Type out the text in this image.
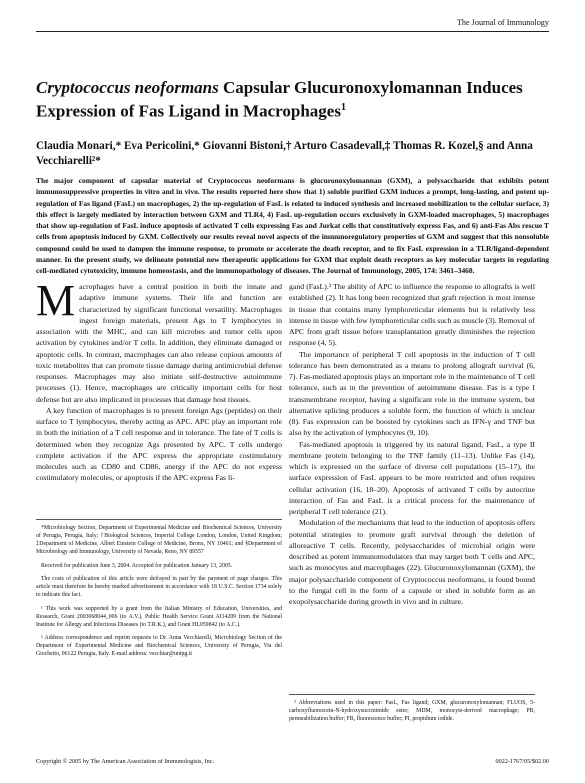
The Journal of Immunology
Cryptococcus neoformans Capsular Glucuronoxylomannan Induces Expression of Fas Ligand in Macrophages$^1$
Claudia Monari,* Eva Pericolini,* Giovanni Bistoni,† Arturo Casadevall,‡ Thomas R. Kozel,§ and Anna Vecchiarelli²*
The major component of capsular material of Cryptococcus neoformans is glucuronoxylomannan (GXM), a polysaccharide that exhibits potent immunosuppressive properties in vitro and in vivo. The results reported here show that 1) soluble purified GXM induces a prompt, long-lasting, and potent up-regulation of Fas ligand (FasL) on macrophages, 2) the up-regulation of FasL is related to induced synthesis and increased mobilization to the cellular surface, 3) this effect is largely mediated by interaction between GXM and TLR4, 4) FasL up-regulation occurs exclusively in GXM-loaded macrophages, 5) macrophages that show up-regulation of FasL induce apoptosis of activated T cells expressing Fas and Jurkat cells that constitutively express Fas, and 6) anti-Fas Abs rescue T cells from apoptosis induced by GXM. Collectively our results reveal novel aspects of the immunoregulatory properties of GXM and suggest that this nonsoluble compound could be used to dampen the immune response, to promote or accelerate the death receptor, and to fix FasL expression in a TLR/ligand-dependent manner. In the present study, we delineate potential new therapeutic applications for GXM that exploit death receptors as key molecular targets in regulating cell-mediated cytotoxicity, immune homeostasis, and the immunopathology of diseases. The Journal of Immunology, 2005, 174: 3461–3468.

Macrophages have a central position in both the innate and adaptive immune systems. Their life and function are characterized by significant functional versatility. Macrophages ingest foreign materials, present Ags to T lymphocytes in association with the MHC, and can kill microbes and tumor cells upon activation by cytokines and/or T cells. In addition, they eliminate damaged or apoptotic cells. In contrast, macrophages can also release copious amounts of toxic metabolites that can promote tissue damage during antimicrobial defense responses. Macrophages may also initiate self-destructive autoimmune processes (1). Hence, macrophages are critically important cells for host defense but are also implicated in processes that damage host tissues.

A key function of macrophages is to present foreign Ags (peptides) on their surface to T lymphocytes, thereby acting as APC. APC play an important role in both the initiation of a T cell response and in tolerance. The fate of T cells is determined when they recognize Ags presented by APC. T cells undergo complete activation if the APC express the appropriate costimulatory molecules such as CD80 and CD86, anergy if the APC do not express costimulatory molecules, or apoptosis if the APC express Fas li-

gand (FasL).³ The ability of APC to influence the response to allografts is well established (2). It has long been recognized that graft rejection is most intense in tissue that contains many lymphoreticular elements but is relatively less intense in tissue with few lymphoreticular cells such as muscle (3). Removal of APC from graft tissue before transplantation greatly diminishes the rejection response (4, 5).

The importance of peripheral T cell apoptosis in the induction of T cell tolerance has been demonstrated as a means to prolong allograft survival (6, 7). Fas-mediated apoptosis plays an important role in the maintenance of T cell tolerance, such as in the prevention of autoimmune disease. Fas is a type I transmembrane receptor, having a significant role in the immune system, but alternative splicing produces a soluble form, the function of which is unclear (8). Fas expression can be boosted by cytokines such as IFN-γ and TNF but also by the activation of lymphocytes (9, 10).

Fas-mediated apoptosis is triggered by its natural ligand, FasL, a type II membrane protein belonging to the TNF family (11–13). Unlike Fas (14), which is expressed on the surface of diverse cell populations (15–17), the surface expression of FasL appears to be more restricted and often requires cellular activation (16, 18–20). Apoptosis of activated T cells by autocrine interaction of Fas and FasL is a critical process for the maintenance of peripheral T cell tolerance (21).

Modulation of the mechanisms that lead to the induction of apoptosis offers potential strategies to promote graft survival through the deletion of alloreactive T cells. Recently, polysaccharides of microbial origin were described as potent immunomodulators that may target both T cells and APC, such as monocytes and macrophages (22). Glucuronoxylomannan (GXM), the major polysaccharide component of Cryptococcus neoformans, is found bound to the fungal cell in the form of a capsule or shed in soluble form as an exopolysaccharide during growth in vivo and in culture.

*Microbiology Section, Department of Experimental Medicine and Biochemical Sciences, University of Perugia, Perugia, Italy; †Biological Sciences, Imperial College London, London, United Kingdom; ‡Department of Medicine, Albert Einstein College of Medicine, Bronx, NY 10461; and §Department of Microbiology and Immunology, University of Nevada, Reno, NV 89557

Received for publication June 3, 2004. Accepted for publication January 13, 2005.

The costs of publication of this article were defrayed in part by the payment of page charges. This article must therefore be hereby marked advertisement in accordance with 18 U.S.C. Section 1734 solely to indicate this fact.

¹ This work was supported by a grant from the Italian Ministry of Education, Universities, and Research, Grant 2003068044_006 (to A.V.), Public Health Service Grant AI14209 from the National Institute for Allergy and Infectious Diseases (to T.R.K.), and Grant HL059842 (to A.C.).

² Address correspondence and reprint requests to Dr. Anna Vecchiarelli, Microbiology Section of the Department of Experimental Medicine and Biochemical Sciences, University of Perugia, Via del Giochetto, 06122 Perugia, Italy. E-mail address: vecchiar@unipg.it

³ Abbreviations used in this paper: FasL, Fas ligand; GXM, glucuronoxylomannan; FLUOS, 5-carboxyfluorescein-N-hydroxysuccinimide ester; MDM, monocyte-derived macrophage; PB, permeabilization buffer; FB, fluorescence buffer; PI, propidium iodide.

Copyright © 2005 by The American Association of Immunologists, Inc.	0022-1767/05/$02.00
